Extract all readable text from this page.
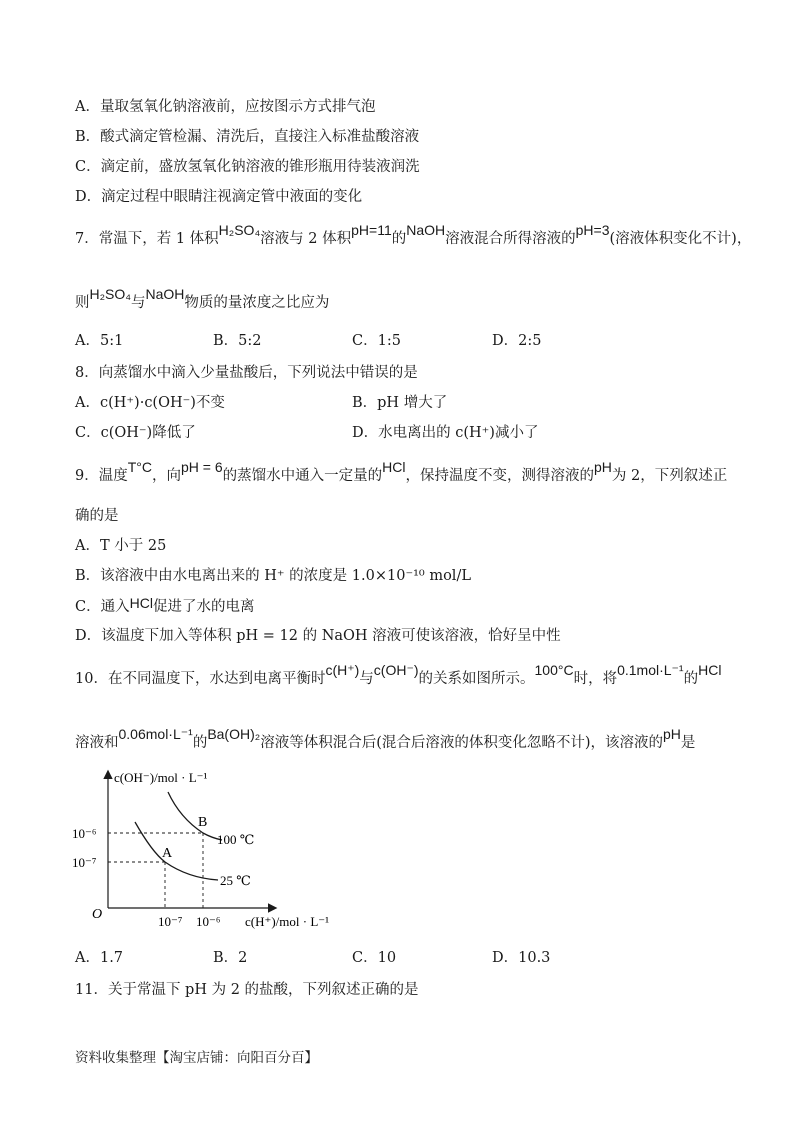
A．量取氢氧化钠溶液前，应按图示方式排气泡
B．酸式滴定管检漏、清洗后，直接注入标准盐酸溶液
C．滴定前，盛放氢氧化钠溶液的锥形瓶用待装液润洗
D．滴定过程中眼睛注视滴定管中液面的变化
7．常温下，若 1 体积H₂SO₄溶液与 2 体积pH=11的NaOH溶液混合所得溶液的pH=3(溶液体积变化不计)，
则H₂SO₄与NaOH物质的量浓度之比应为
A．5:1	B．5:2	C．1:5	D．2:5
8．向蒸馏水中滴入少量盐酸后，下列说法中错误的是
A．c(H⁺)·c(OH⁻)不变	B．pH 增大了
C．c(OH⁻)降低了	D．水电离出的 c(H⁺)减小了
9．温度T°C，向pH = 6的蒸馏水中通入一定量的HCl，保持温度不变，测得溶液的pH为 2，下列叙述正
确的是
A．T 小于 25
B．该溶液中由水电离出来的 H⁺ 的浓度是 1.0×10⁻¹⁰ mol/L
C．通入HCl促进了水的电离
D．该温度下加入等体积 pH = 12 的 NaOH 溶液可使该溶液，恰好呈中性
10．在不同温度下，水达到电离平衡时c(H⁺)与c(OH⁻)的关系如图所示。100°C时，将0.1mol·L⁻¹的HCl
溶液和0.06mol·L⁻¹的Ba(OH)₂溶液等体积混合后(混合后溶液的体积变化忽略不计)，该溶液的pH是
c(OH⁻)/mol · L⁻¹
c(H⁺)/mol · L⁻¹
O
10⁻⁶
10⁻⁷
10⁻⁷ 10⁻⁶
A
B
100 ℃
25 ℃
A．1.7	B．2	C．10	D．10.3
11．关于常温下 pH 为 2 的盐酸，下列叙述正确的是
资料收集整理【淘宝店铺：向阳百分百】
